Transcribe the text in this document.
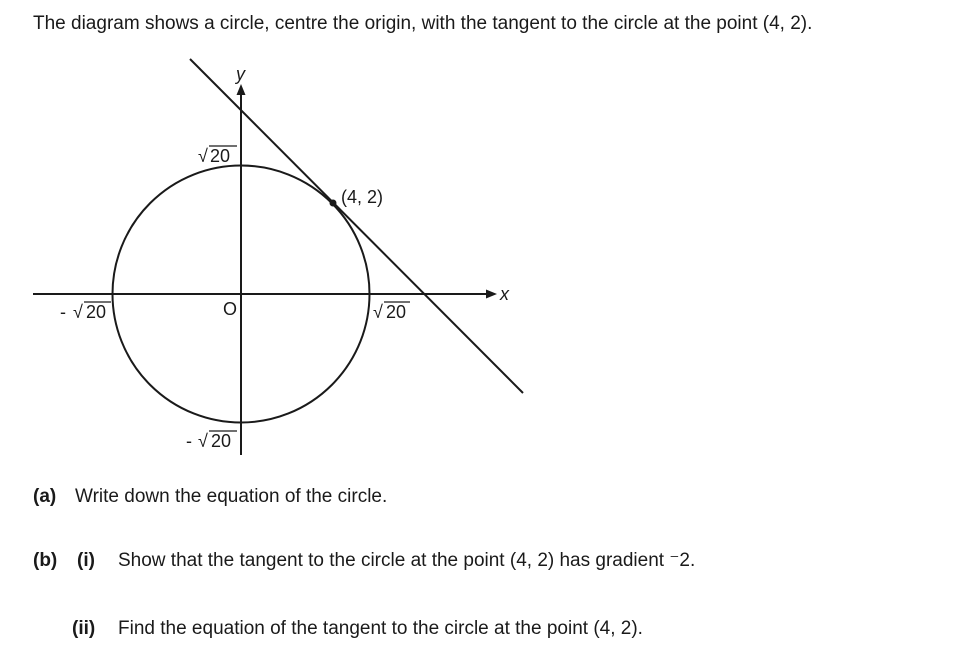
The diagram shows a circle, centre the origin, with the tangent to the circle at the point (4, 2).
x
y
O
(4, 2)
√ 20
√ 20
- √ 20
- √ 20
(a) Write down the equation of the circle.
(b) (i) Show that the tangent to the circle at the point (4, 2) has gradient ⁻2.
(ii) Find the equation of the tangent to the circle at the point (4, 2).
